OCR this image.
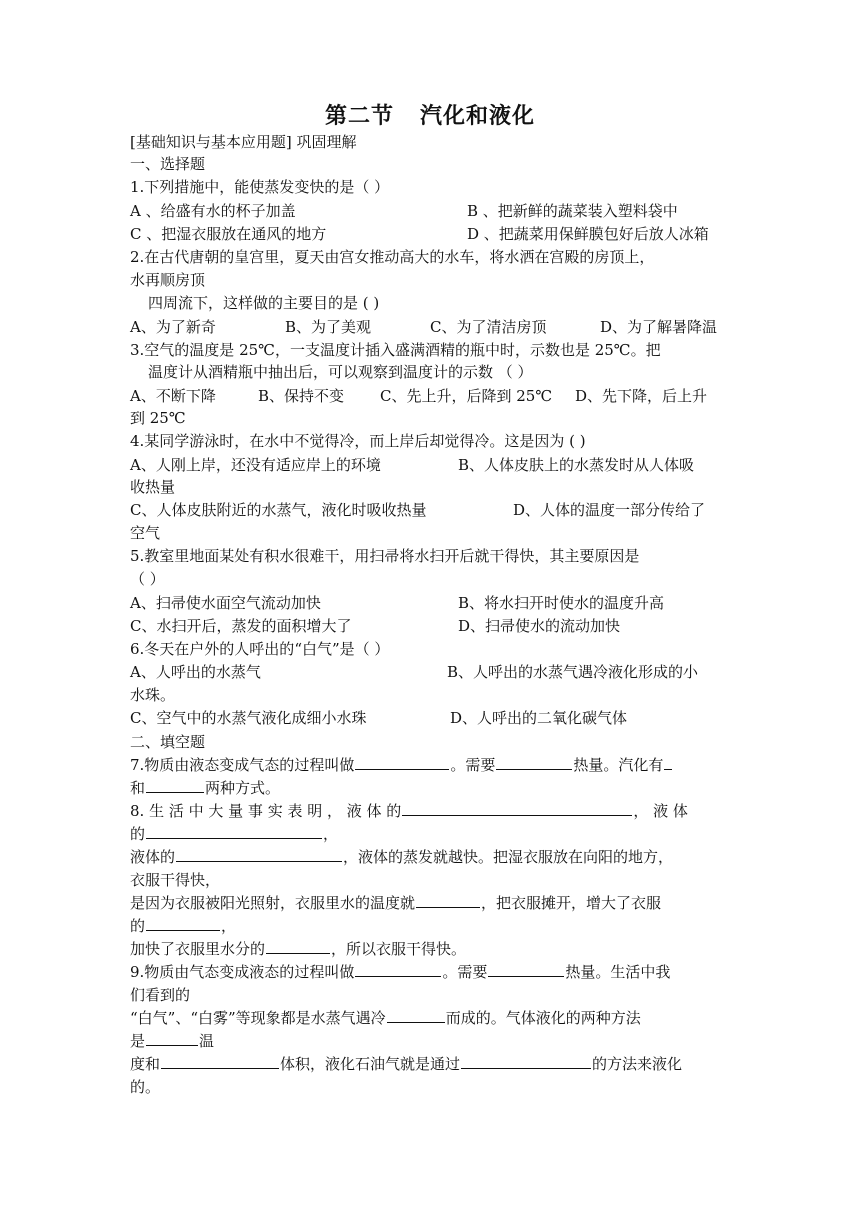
第二节   汽化和液化
[基础知识与基本应用题] 巩固理解
一、选择题
1.下列措施中，能使蒸发变快的是（ ）
A 、给盛有水的杯子加盖	B 、把新鲜的蔬菜装入塑料袋中
C 、把湿衣服放在通风的地方	D 、把蔬菜用保鲜膜包好后放人冰箱
2.在古代唐朝的皇宫里，夏天由宫女推动高大的水车，将水洒在宫殿的房顶上，
水再顺房顶
四周流下，这样做的主要目的是 ( )
A、为了新奇	B、为了美观	C、为了清洁房顶	D、为了解暑降温
3.空气的温度是 25℃，一支温度计插入盛满酒精的瓶中时，示数也是 25℃。把
温度计从酒精瓶中抽出后，可以观察到温度计的示数 （ ）
A、不断下降	B、保持不变 C、先上升，后降到 25℃ D、先下降，后上升
到 25℃
4.某同学游泳时，在水中不觉得冷，而上岸后却觉得冷。这是因为 ( )
A、人刚上岸，还没有适应岸上的环境	B、人体皮肤上的水蒸发时从人体吸
收热量
C、人体皮肤附近的水蒸气，液化时吸收热量	D、人体的温度一部分传给了
空气
5.教室里地面某处有积水很难干，用扫帚将水扫开后就干得快，其主要原因是
（ ）
A、扫帚使水面空气流动加快	B、将水扫开时使水的温度升高
C、水扫开后，蒸发的面积增大了	D、扫帚使水的流动加快
6.冬天在户外的人呼出的“白气”是（ ）
A、人呼出的水蒸气	B、人呼出的水蒸气遇冷液化形成的小
水珠。
C、空气中的水蒸气液化成细小水珠	D、人呼出的二氧化碳气体
二、填空题
7.物质由液态变成气态的过程叫做	。需要	热量。汽化有
和	两种方式。
8. 生 活 中 大 量 事 实 表 明 ， 液 体 的	， 液 体
的	，
液体的	，液体的蒸发就越快。把湿衣服放在向阳的地方，
衣服干得快，
是因为衣服被阳光照射，衣服里水的温度就	，把衣服摊开，增大了衣服
的	，
加快了衣服里水分的	，所以衣服干得快。
9.物质由气态变成液态的过程叫做	。需要	热量。生活中我
们看到的
“白气”、“白雾”等现象都是水蒸气遇冷	而成的。气体液化的两种方法
是	温
度和	体积，液化石油气就是通过	的方法来液化
的。
